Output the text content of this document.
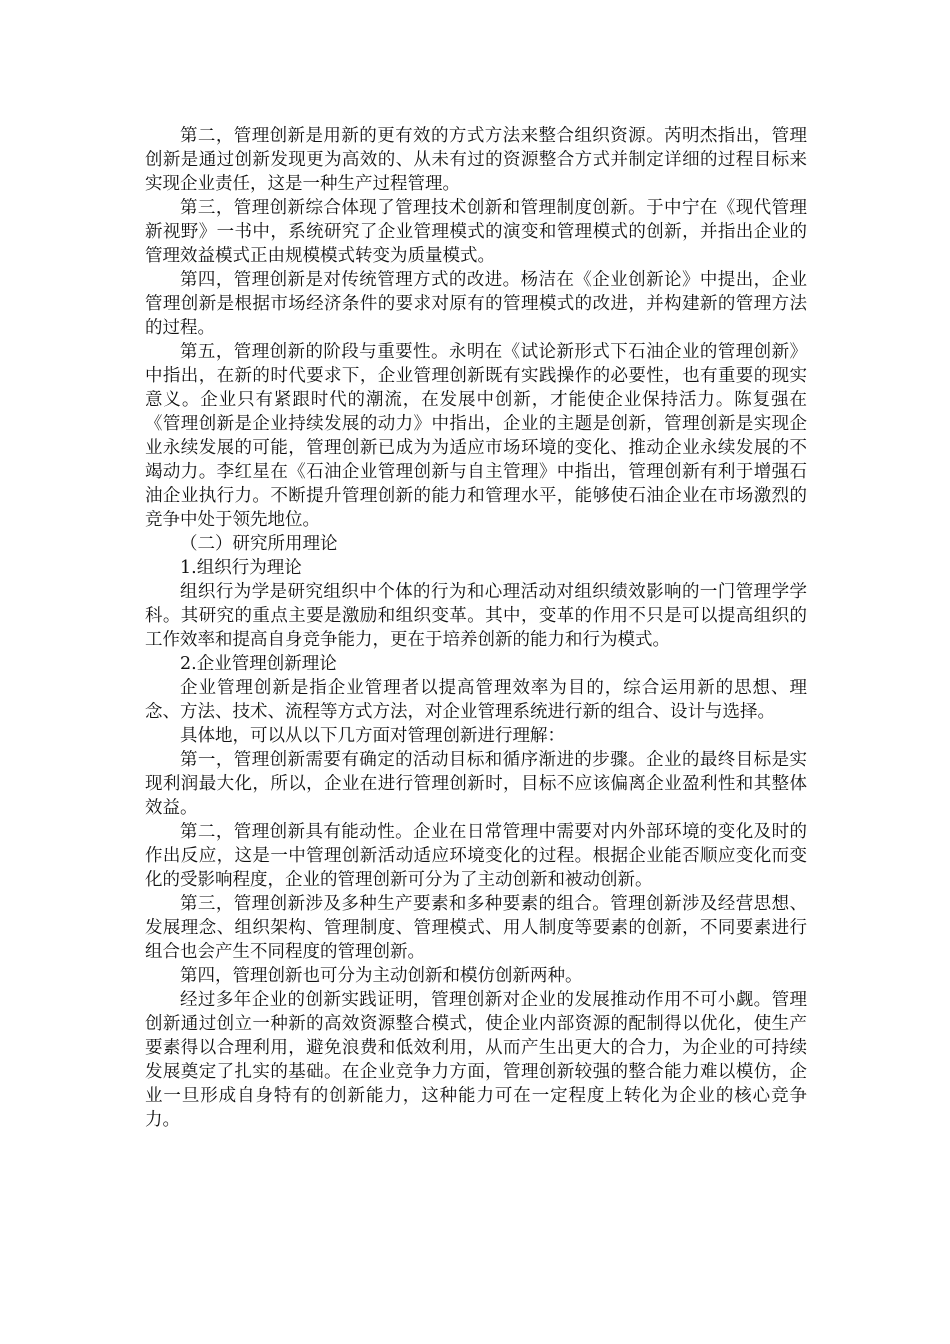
第二，管理创新是用新的更有效的方式方法来整合组织资源。芮明杰指出，管理创新是通过创新发现更为高效的、从未有过的资源整合方式并制定详细的过程目标来实现企业责任，这是一种生产过程管理。

第三，管理创新综合体现了管理技术创新和管理制度创新。于中宁在《现代管理新视野》一书中，系统研究了企业管理模式的演变和管理模式的创新，并指出企业的管理效益模式正由规模模式转变为质量模式。

第四，管理创新是对传统管理方式的改进。杨洁在《企业创新论》中提出，企业管理创新是根据市场经济条件的要求对原有的管理模式的改进，并构建新的管理方法的过程。

第五，管理创新的阶段与重要性。永明在《试论新形式下石油企业的管理创新》中指出，在新的时代要求下，企业管理创新既有实践操作的必要性，也有重要的现实意义。企业只有紧跟时代的潮流，在发展中创新，才能使企业保持活力。陈复强在《管理创新是企业持续发展的动力》中指出，企业的主题是创新，管理创新是实现企业永续发展的可能，管理创新已成为为适应市场环境的变化、推动企业永续发展的不竭动力。李红星在《石油企业管理创新与自主管理》中指出，管理创新有利于增强石油企业执行力。不断提升管理创新的能力和管理水平，能够使石油企业在市场激烈的竞争中处于领先地位。

（二）研究所用理论

1.组织行为理论

组织行为学是研究组织中个体的行为和心理活动对组织绩效影响的一门管理学学科。其研究的重点主要是激励和组织变革。其中，变革的作用不只是可以提高组织的工作效率和提高自身竞争能力，更在于培养创新的能力和行为模式。

2.企业管理创新理论

企业管理创新是指企业管理者以提高管理效率为目的，综合运用新的思想、理念、方法、技术、流程等方式方法，对企业管理系统进行新的组合、设计与选择。

具体地，可以从以下几方面对管理创新进行理解：

第一，管理创新需要有确定的活动目标和循序渐进的步骤。企业的最终目标是实现利润最大化，所以，企业在进行管理创新时，目标不应该偏离企业盈利性和其整体效益。

第二，管理创新具有能动性。企业在日常管理中需要对内外部环境的变化及时的作出反应，这是一中管理创新活动适应环境变化的过程。根据企业能否顺应变化而变化的受影响程度，企业的管理创新可分为了主动创新和被动创新。

第三，管理创新涉及多种生产要素和多种要素的组合。管理创新涉及经营思想、发展理念、组织架构、管理制度、管理模式、用人制度等要素的创新，不同要素进行组合也会产生不同程度的管理创新。

第四，管理创新也可分为主动创新和模仿创新两种。

经过多年企业的创新实践证明，管理创新对企业的发展推动作用不可小觑。管理创新通过创立一种新的高效资源整合模式，使企业内部资源的配制得以优化，使生产要素得以合理利用，避免浪费和低效利用，从而产生出更大的合力，为企业的可持续发展奠定了扎实的基础。在企业竞争力方面，管理创新较强的整合能力难以模仿，企业一旦形成自身特有的创新能力，这种能力可在一定程度上转化为企业的核心竞争力。
